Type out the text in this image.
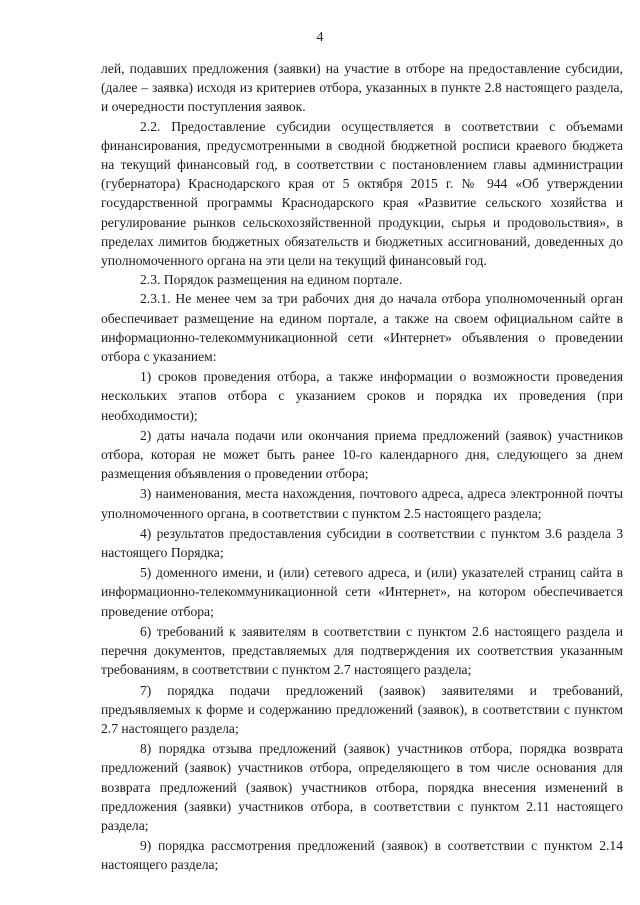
4

лей, подавших предложения (заявки) на участие в отборе на предоставление субсидии, (далее – заявка) исходя из критериев отбора, указанных в пункте 2.8 настоящего раздела, и очередности поступления заявок.

2.2. Предоставление субсидии осуществляется в соответствии с объемами финансирования, предусмотренными в сводной бюджетной росписи краевого бюджета на текущий финансовый год, в соответствии с постановлением главы администрации (губернатора) Краснодарского края от 5 октября 2015 г. № 944 «Об утверждении государственной программы Краснодарского края «Развитие сельского хозяйства и регулирование рынков сельскохозяйственной продукции, сырья и продовольствия», в пределах лимитов бюджетных обязательств и бюджетных ассигнований, доведенных до уполномоченного органа на эти цели на текущий финансовый год.

2.3. Порядок размещения на едином портале.

2.3.1. Не менее чем за три рабочих дня до начала отбора уполномоченный орган обеспечивает размещение на едином портале, а также на своем официальном сайте в информационно-телекоммуникационной сети «Интернет» объявления о проведении отбора с указанием:

1) сроков проведения отбора, а также информации о возможности проведения нескольких этапов отбора с указанием сроков и порядка их проведения (при необходимости);

2) даты начала подачи или окончания приема предложений (заявок) участников отбора, которая не может быть ранее 10-го календарного дня, следующего за днем размещения объявления о проведении отбора;

3) наименования, места нахождения, почтового адреса, адреса электронной почты уполномоченного органа, в соответствии с пунктом 2.5 настоящего раздела;

4) результатов предоставления субсидии в соответствии с пунктом 3.6 раздела 3 настоящего Порядка;

5) доменного имени, и (или) сетевого адреса, и (или) указателей страниц сайта в информационно-телекоммуникационной сети «Интернет», на котором обеспечивается проведение отбора;

6) требований к заявителям в соответствии с пунктом 2.6 настоящего раздела и перечня документов, представляемых для подтверждения их соответствия указанным требованиям, в соответствии с пунктом 2.7 настоящего раздела;

7) порядка подачи предложений (заявок) заявителями и требований, предъявляемых к форме и содержанию предложений (заявок), в соответствии с пунктом 2.7 настоящего раздела;

8) порядка отзыва предложений (заявок) участников отбора, порядка возврата предложений (заявок) участников отбора, определяющего в том числе основания для возврата предложений (заявок) участников отбора, порядка внесения изменений в предложения (заявки) участников отбора, в соответствии с пунктом 2.11 настоящего раздела;

9) порядка рассмотрения предложений (заявок) в соответствии с пунктом 2.14 настоящего раздела;
